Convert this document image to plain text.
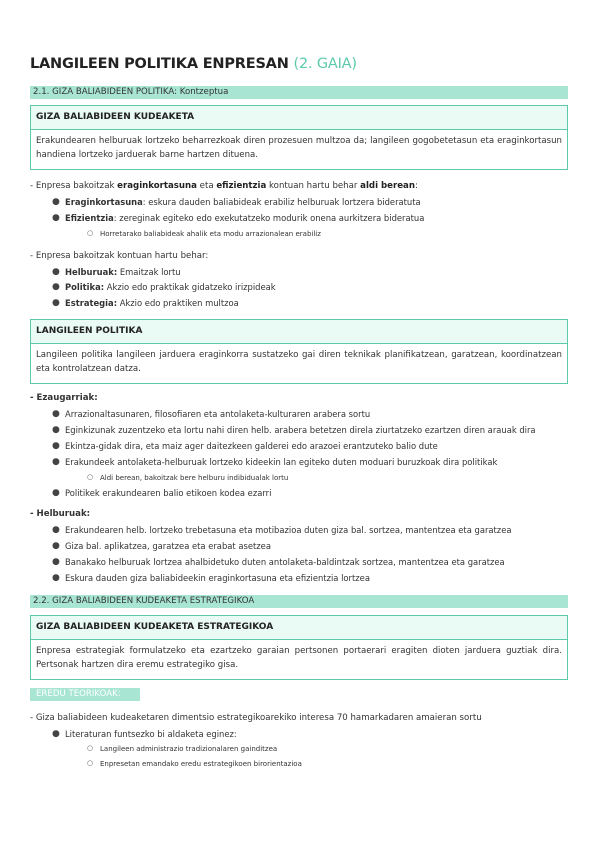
LANGILEEN POLITIKA ENPRESAN (2. GAIA)
2.1. GIZA BALIABIDEEN POLITIKA: Kontzeptua
GIZA BALIABIDEEN KUDEAKETA
Erakundearen helburuak lortzeko beharrezkoak diren prozesuen multzoa da; langileen gogobetetasun eta eraginkortasun handiena lortzeko jarduerak barne hartzen dituena.
- Enpresa bakoitzak eraginkortasuna eta efizientzia kontuan hartu behar aldi berean:
● Eraginkortasuna: eskura dauden baliabideak erabiliz helburuak lortzera bideratuta
● Efizientzia: zereginak egiteko edo exekutatzeko modurik onena aurkitzera bideratua
○ Horretarako baliabideak ahalik eta modu arrazionalean erabiliz
- Enpresa bakoitzak kontuan hartu behar:
● Helburuak: Emaitzak lortu
● Politika: Akzio edo praktikak gidatzeko irizpideak
● Estrategia: Akzio edo praktiken multzoa
LANGILEEN POLITIKA
Langileen politika langileen jarduera eraginkorra sustatzeko gai diren teknikak planifikatzean, garatzean, koordinatzean eta kontrolatzean datza.
- Ezaugarriak:
● Arrazionaltasunaren, filosofiaren eta antolaketa-kulturaren arabera sortu
● Eginkizunak zuzentzeko eta lortu nahi diren helb. arabera betetzen direla ziurtatzeko ezartzen diren arauak dira
● Ekintza-gidak dira, eta maiz ager daitezkeen galderei edo arazoei erantzuteko balio dute
● Erakundeek antolaketa-helburuak lortzeko kideekin lan egiteko duten moduari buruzkoak dira politikak
○ Aldi berean, bakoitzak bere helburu indibidualak lortu
● Politikek erakundearen balio etikoen kodea ezarri
- Helburuak:
● Erakundearen helb. lortzeko trebetasuna eta motibazioa duten giza bal. sortzea, mantentzea eta garatzea
● Giza bal. aplikatzea, garatzea eta erabat asetzea
● Banakako helburuak lortzea ahalbidetuko duten antolaketa-baldintzak sortzea, mantentzea eta garatzea
● Eskura dauden giza baliabideekin eraginkortasuna eta efizientzia lortzea
2.2. GIZA BALIABIDEEN KUDEAKETA ESTRATEGIKOA
GIZA BALIABIDEEN KUDEAKETA ESTRATEGIKOA
Enpresa estrategiak formulatzeko eta ezartzeko garaian pertsonen portaerari eragiten dioten jarduera guztiak dira. Pertsonak hartzen dira eremu estrategiko gisa.
EREDU TEORIKOAK:
- Giza baliabideen kudeaketaren dimentsio estrategikoarekiko interesa 70 hamarkadaren amaieran sortu
● Literaturan funtsezko bi aldaketa eginez:
○ Langileen administrazio tradizionalaren gainditzea
○ Enpresetan emandako eredu estrategikoen birorientazioa
